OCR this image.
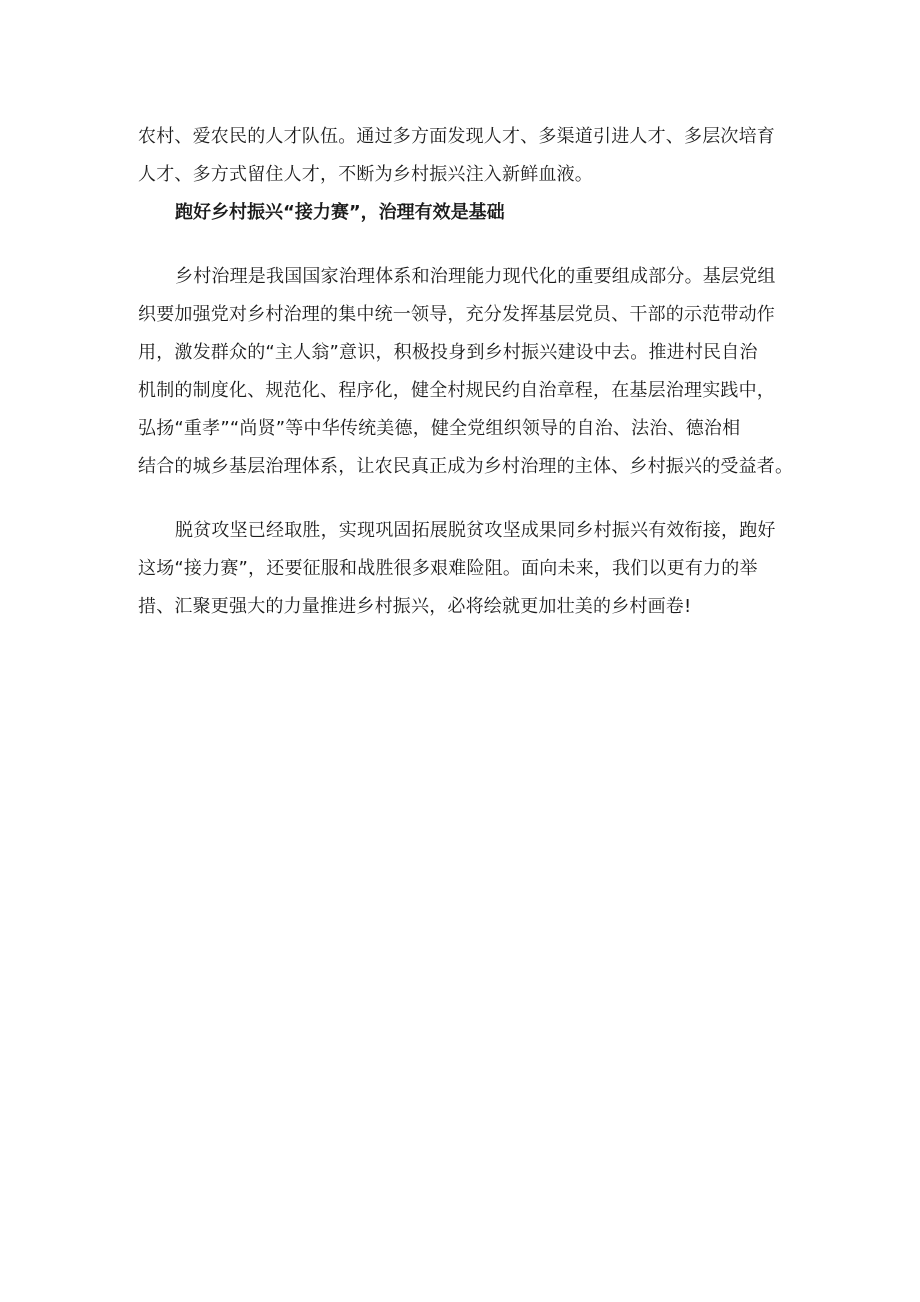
农村、爱农民的人才队伍。通过多方面发现人才、多渠道引进人才、多层次培育
人才、多方式留住人才，不断为乡村振兴注入新鲜血液。

跑好乡村振兴“接力赛”，治理有效是基础

乡村治理是我国国家治理体系和治理能力现代化的重要组成部分。基层党组
织要加强党对乡村治理的集中统一领导，充分发挥基层党员、干部的示范带动作
用，激发群众的“主人翁”意识，积极投身到乡村振兴建设中去。推进村民自治
机制的制度化、规范化、程序化，健全村规民约自治章程，在基层治理实践中，
弘扬“重孝”“尚贤”等中华传统美德，健全党组织领导的自治、法治、德治相
结合的城乡基层治理体系，让农民真正成为乡村治理的主体、乡村振兴的受益者。

脱贫攻坚已经取胜，实现巩固拓展脱贫攻坚成果同乡村振兴有效衔接，跑好
这场“接力赛”，还要征服和战胜很多艰难险阻。面向未来，我们以更有力的举
措、汇聚更强大的力量推进乡村振兴，必将绘就更加壮美的乡村画卷!
